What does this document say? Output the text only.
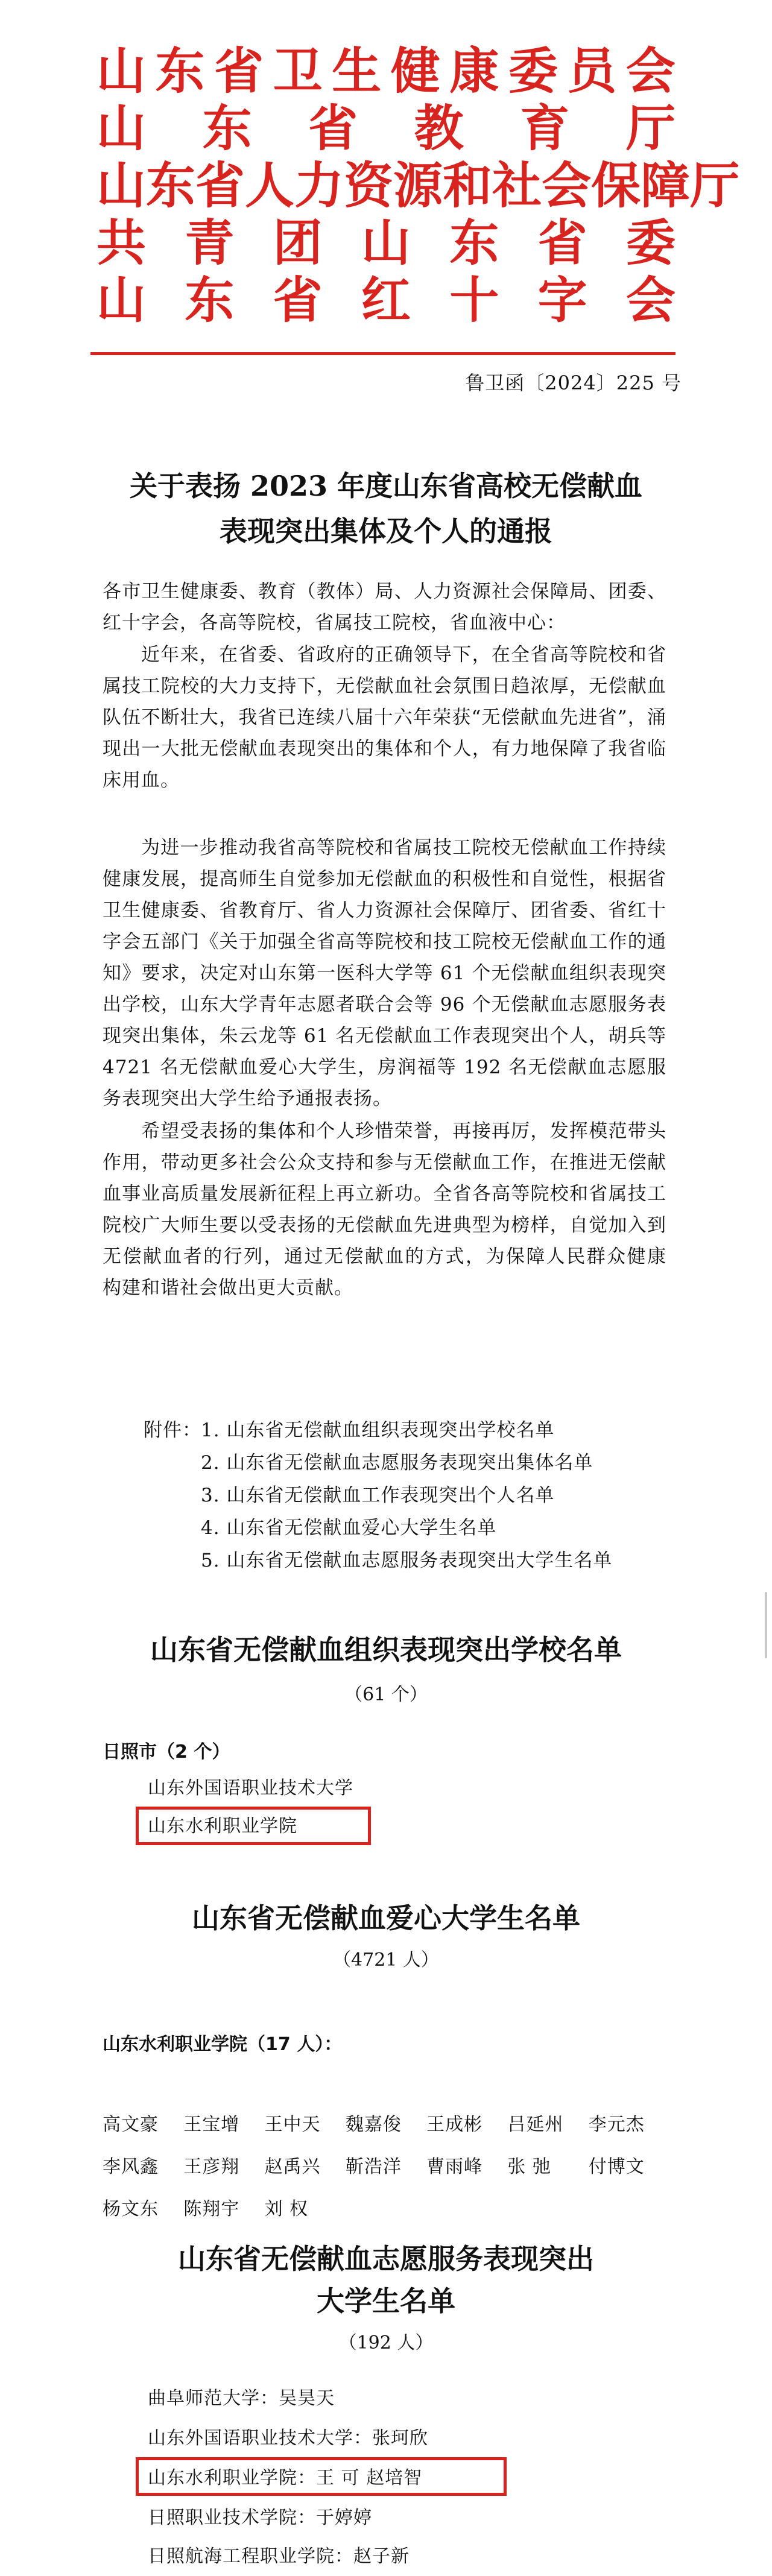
山 东 省 卫 生 健 康 委 员 会
山 东 省 教 育 厅
山 东 省 人 力 资 源 和 社 会 保 障 厅
共 青 团 山 东 省 委
山 东 省 红 十 字 会
鲁卫函〔2024〕225 号
关于表扬 2023 年度山东省高校无偿献血
表现突出集体及个人的通报
各市卫生健康委、教育（教体）局、人力资源社会保障局、团委、红十字会，各高等院校，省属技工院校，省血液中心：
近年来，在省委、省政府的正确领导下，在全省高等院校和省属技工院校的大力支持下，无偿献血社会氛围日趋浓厚，无偿献血队伍不断壮大，我省已连续八届十六年荣获“无偿献血先进省”，涌现出一大批无偿献血表现突出的集体和个人，有力地保障了我省临床用血。
为进一步推动我省高等院校和省属技工院校无偿献血工作持续健康发展，提高师生自觉参加无偿献血的积极性和自觉性，根据省卫生健康委、省教育厅、省人力资源社会保障厅、团省委、省红十字会五部门《关于加强全省高等院校和技工院校无偿献血工作的通知》要求，决定对山东第一医科大学等 61 个无偿献血组织表现突出学校，山东大学青年志愿者联合会等 96 个无偿献血志愿服务表现突出集体，朱云龙等 61 名无偿献血工作表现突出个人，胡兵等 4721 名无偿献血爱心大学生，房润福等 192 名无偿献血志愿服务表现突出大学生给予通报表扬。
希望受表扬的集体和个人珍惜荣誉，再接再厉，发挥模范带头作用，带动更多社会公众支持和参与无偿献血工作，在推进无偿献血事业高质量发展新征程上再立新功。全省各高等院校和省属技工院校广大师生要以受表扬的无偿献血先进典型为榜样，自觉加入到无偿献血者的行列，通过无偿献血的方式，为保障人民群众健康 构建和谐社会做出更大贡献。
附件： 1. 山东省无偿献血组织表现突出学校名单
2. 山东省无偿献血志愿服务表现突出集体名单
3. 山东省无偿献血工作表现突出个人名单
4. 山东省无偿献血爱心大学生名单
5. 山东省无偿献血志愿服务表现突出大学生名单
山东省无偿献血组织表现突出学校名单
（61 个）
日照市（2 个）
山东外国语职业技术大学
山东水利职业学院
山东省无偿献血爱心大学生名单
（4721 人）
山东水利职业学院（17 人）：
高文豪	王宝增	王中天	魏嘉俊	王成彬	吕延州	李元杰
李风鑫	王彦翔	赵禹兴	靳浩洋	曹雨峰	张 弛	付博文
杨文东	陈翔宇	刘 权
山东省无偿献血志愿服务表现突出
大学生名单
（192 人）
曲阜师范大学：吴昊天
山东外国语职业技术大学：张珂欣
山东水利职业学院：王 可 赵培智
日照职业技术学院：于婷婷
日照航海工程职业学院：赵子新
